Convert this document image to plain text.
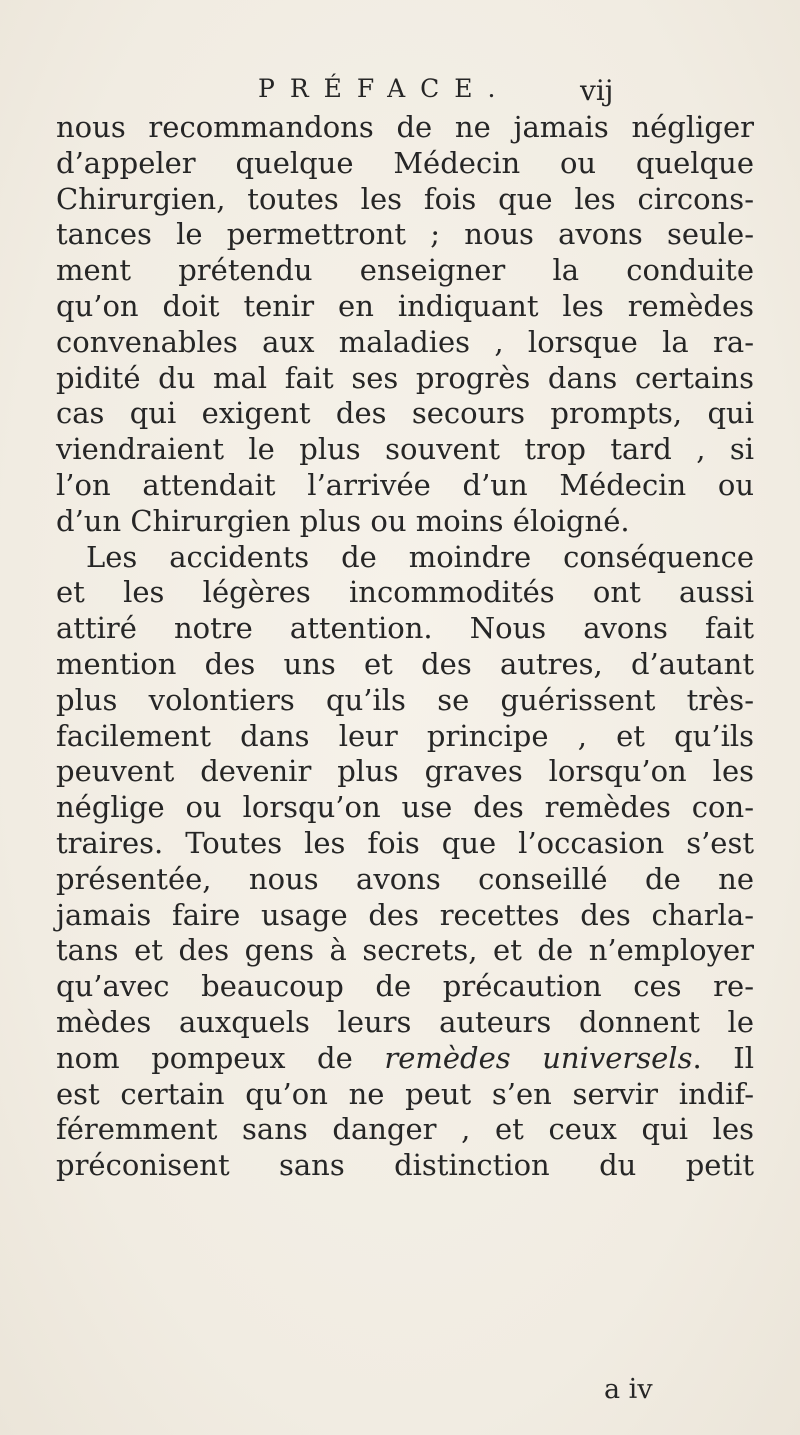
PRÉFACE. vij
nous recommandons de ne jamais négliger
d’appeler quelque Médecin ou quelque
Chirurgien, toutes les fois que les circons-
tances le permettront ; nous avons seule-
ment prétendu enseigner la conduite
qu’on doit tenir en indiquant les remèdes
convenables aux maladies , lorsque la ra-
pidité du mal fait ses progrès dans certains
cas qui exigent des secours prompts, qui
viendraient le plus souvent trop tard , si
l’on attendait l’arrivée d’un Médecin ou
d’un Chirurgien plus ou moins éloigné.
Les accidents de moindre conséquence
et les légères incommodités ont aussi
attiré notre attention. Nous avons fait
mention des uns et des autres, d’autant
plus volontiers qu’ils se guérissent très-
facilement dans leur principe , et qu’ils
peuvent devenir plus graves lorsqu’on les
néglige ou lorsqu’on use des remèdes con-
traires. Toutes les fois que l’occasion s’est
présentée, nous avons conseillé de ne
jamais faire usage des recettes des charla-
tans et des gens à secrets, et de n’employer
qu’avec beaucoup de précaution ces re-
mèdes auxquels leurs auteurs donnent le
nom pompeux de remèdes universels. Il
est certain qu’on ne peut s’en servir indif-
féremment sans danger , et ceux qui les
préconisent sans distinction du petit
a iv
